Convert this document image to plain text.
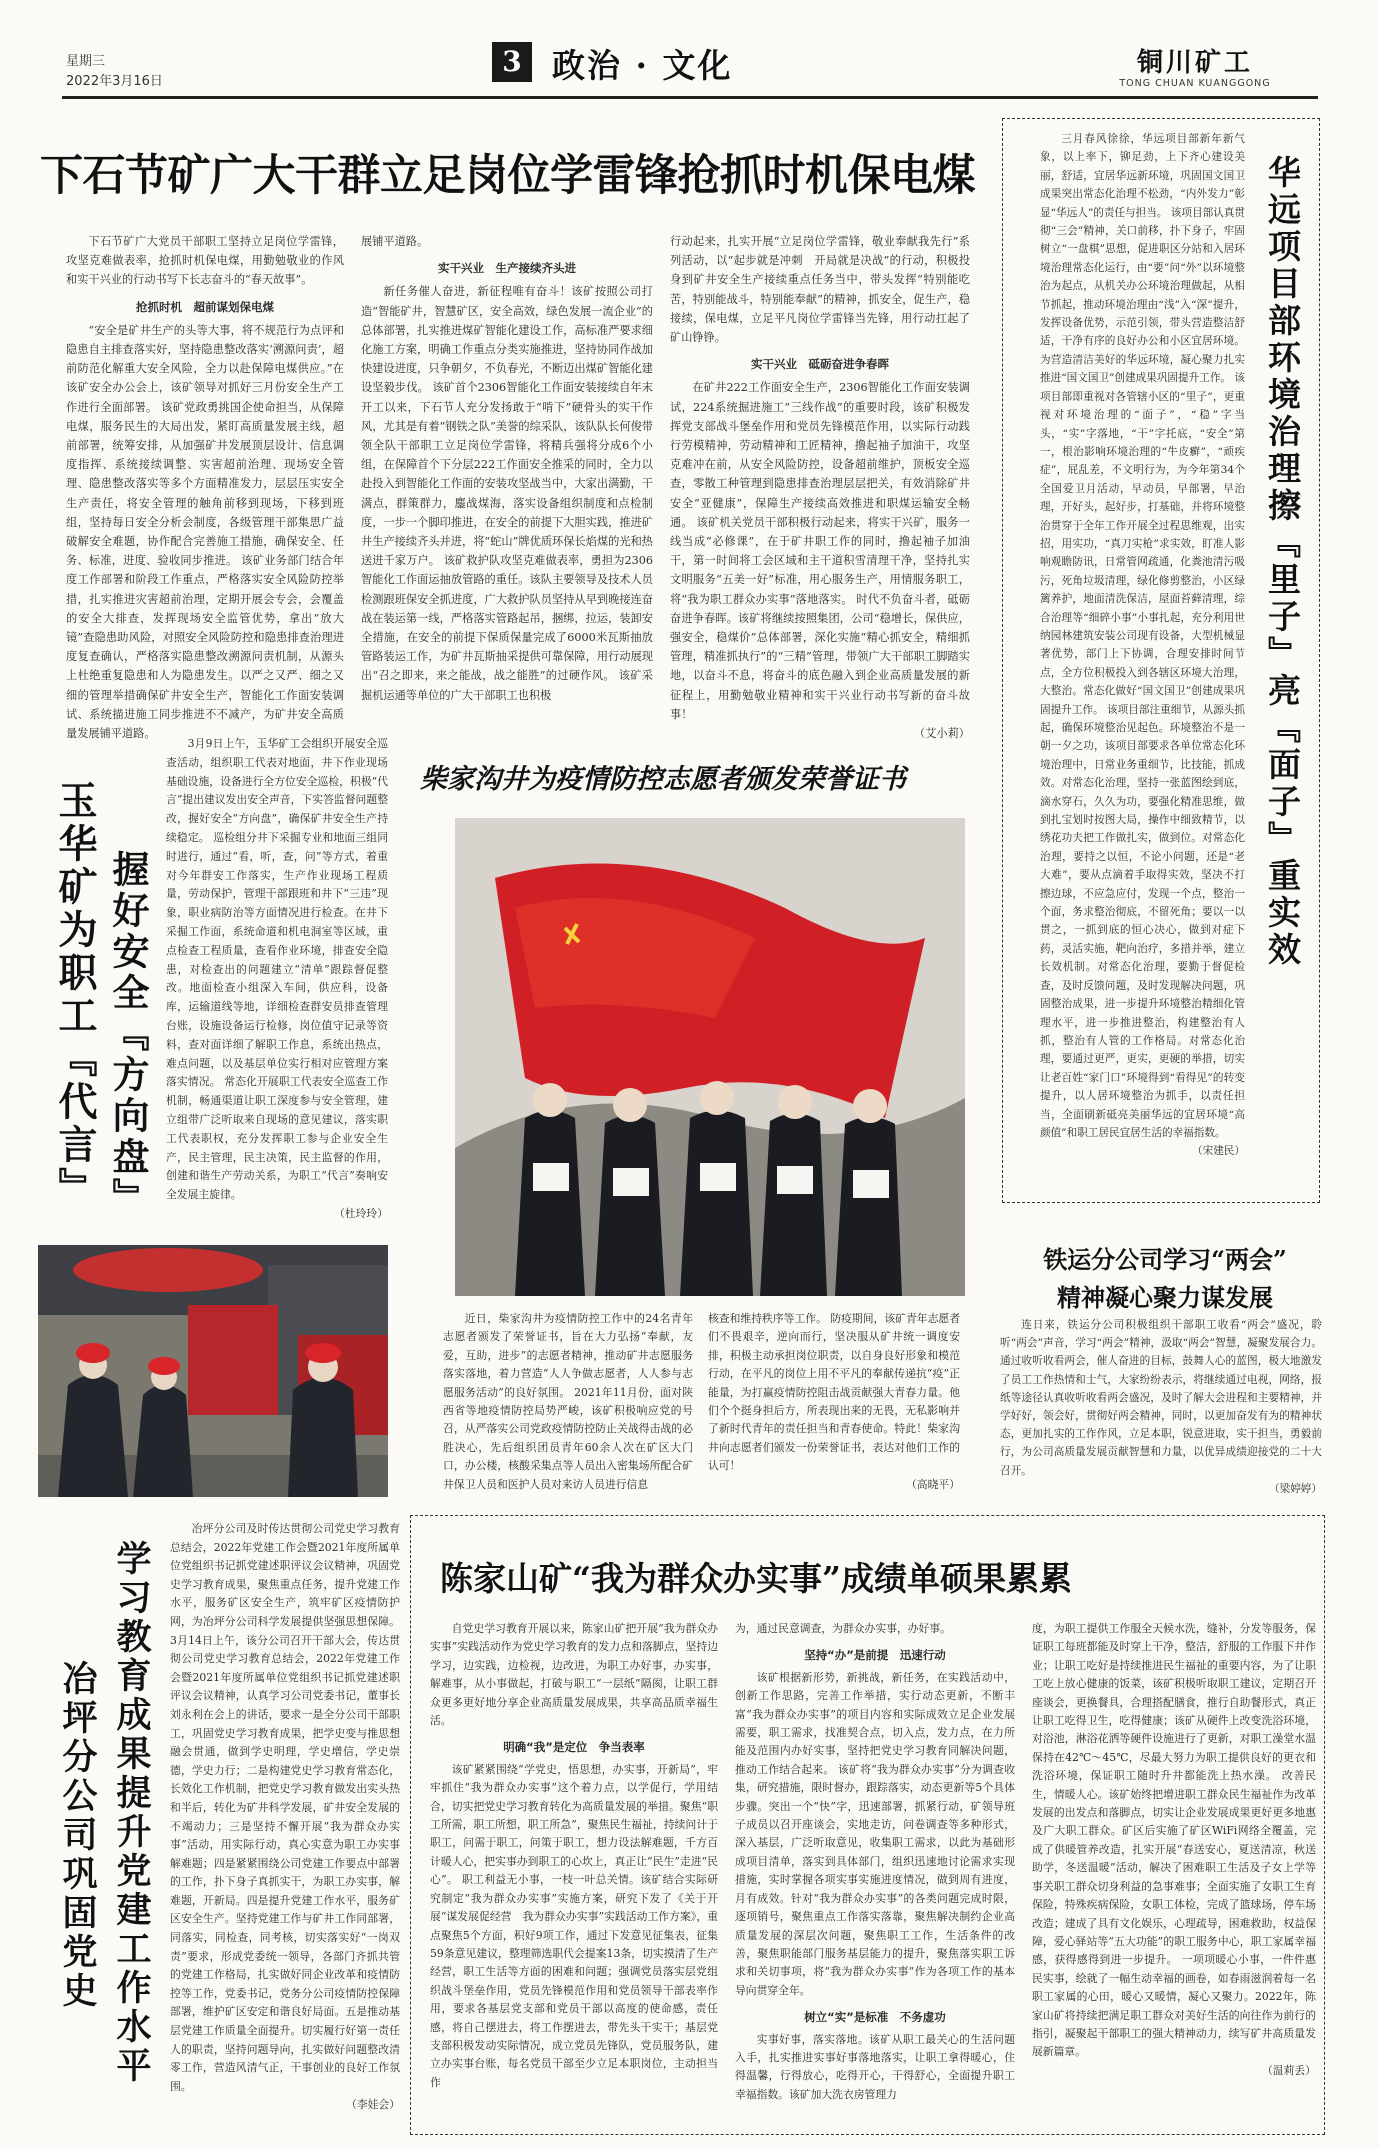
星期三
2022年3月16日
3 政治 · 文化	铜川矿工
TONG CHUAN KUANGGONG
下石节矿广大干群立足岗位学雷锋抢抓时机保电煤

下石节矿广大党员干部职工坚持立足岗位学雷锋，攻坚克难做表率，抢抓时机保电煤，用勤勉敬业的作风和实干兴业的行动书写下长志奋斗的“春天故事”。

抢抓时机　超前谋划保电煤

“安全是矿井生产的头等大事，将不规范行为点评和隐患自主排查落实好，坚持隐患整改落实‘溯源问责’，超前防范化解重大安全风险，全力以赴保障电煤供应。”在该矿安全办公会上，该矿领导对抓好三月份安全生产工作进行全面部署。 该矿党政勇挑国企使命担当，从保障电煤，服务民生的大局出发，紧盯高质量发展主线，超前部署，统筹安排，从加强矿井发展顶层设计、信息调度指挥、系统接续调整、实害超前治理、现场安全管理、隐患整改落实等多个方面精准发力，层层压实安全生产责任，将安全管理的触角前移到现场，下移到班组，坚持每日安全分析会制度，各级管理干部集思广益破解安全难题，协作配合完善施工措施，确保安全、任务、标准，进度、验收同步推进。 该矿业务部门结合年度工作部署和阶段工作重点，严格落实安全风险防控举措，扎实推进灾害超前治理，定期开展会专会，会覆盖的安全大排查，发挥现场安全监管优势，拿出“放大镜”查隐患助风险，对照安全风险防控和隐患排查治理进度复查确认，严格落实隐患整改溯源问责机制，从源头上杜绝重复隐患和人为隐患发生。以严之又严、细之又细的管理举措确保矿井安全生产，智能化工作面安装调试、系统描进施工同步推进不不减产，为矿井安全高质量发展铺平道路。

展铺平道路。

实干兴业　生产接续齐头进

新任务催人奋进，新征程唯有奋斗！该矿按照公司打造“智能矿井，智慧矿区，安全高效，绿色发展一流企业”的总体部署，扎实推进煤矿智能化建设工作，高标准严要求细化施工方案，明确工作重点分类实施推进，坚持协同作战加快建设进度，只争朝夕，不负春光，不断迈出煤矿智能化建设坚毅步伐。 该矿首个2306智能化工作面安装接续自年末开工以来，下石节人充分发扬敢于“啃下”硬骨头的实干作风，尤其是有着“钢铁之队”美誉的综采队，该队队长何俊带领全队干部职工立足岗位学雷锋，将精兵强将分成6个小组，在保障首个下分层222工作面安全推采的同时，全力以赴投入到智能化工作面的安装攻坚战当中，大家出满勤，干满点，群策群力，鏖战煤海，落实设备组织制度和点检制度，一步一个脚印推进，在安全的前提下大胆实践，推进矿井生产接续齐头并进，将“蛇山”牌优质环保长焰煤的光和热送进千家万户。 该矿救护队攻坚克难做表率，勇担为2306智能化工作面运抽放管路的重任。该队主要领导及技术人员检测跟班保安全抓进度，广大救护队员坚持从早到晚接连奋战在装运第一线，严格落实管路起吊，捆绑，拉运，装卸安全措施，在安全的前提下保质保量完成了6000米瓦斯抽放管路装运工作，为矿井瓦斯抽采提供可靠保障，用行动展现出“召之即来，来之能战，战之能胜”的过硬作风。 该矿采掘机运通等单位的广大干部职工也积极

行动起来，扎实开展“立足岗位学雷锋，敬业奉献我先行”系列活动，以“起步就是冲刺　开局就是决战”的行动，积极投身到矿井安全生产接续重点任务当中，带头发挥“特别能吃苦，特别能战斗，特别能奉献”的精神，抓安全，促生产，稳接续，保电煤，立足平凡岗位学雷锋当先锋，用行动扛起了矿山铮铮。

实干兴业　砥砺奋进争春晖

在矿井222工作面安全生产，2306智能化工作面安装调试，224系统掘进施工“三线作战”的重要时段，该矿积极发挥党支部战斗堡垒作用和党员先锋模范作用，以实际行动践行劳模精神，劳动精神和工匠精神，撸起袖子加油干，攻坚克难冲在前，从安全风险防控，设备超前维护，顶板安全巡查，零散工种管理到隐患排查治理层层把关，有效消除矿井安全“亚健康”，保障生产接续高效推进和职煤运输安全畅通。 该矿机关党员干部积极行动起来，将实干兴矿，服务一线当成“必修课”，在于矿井职工作的同时，撸起袖子加油干，第一时间将工会区域和主干道积雪清理干净，坚持扎实文明服务“五美一好”标准，用心服务生产，用情服务职工，将“我为职工群众办实事”落地落实。 时代不负奋斗者，砥砺奋进争春晖。该矿将继续按照集团，公司“稳增长，保供应，强安全，稳煤价”总体部署，深化实施“精心抓安全，精细抓管理，精准抓执行”的“三精”管理，带领广大干部职工脚踏实地，以奋斗不息，将奋斗的底色融入到企业高质量发展的新征程上，用勤勉敬业精神和实干兴业行动书写新的奋斗故事！

（艾小莉）	华远项目部环境治理擦『里子』亮『面子』重实效

三月春风徐徐，华远项目部新年新气象，以上率下，铆足劲，上下齐心建设美丽，舒适，宜居华远新环境，巩固国文国卫成果突出常态化治理不松劲，“内外发力”彰显“华远人”的责任与担当。 该项目部认真贯彻“三会”精神，关口前移，扑下身子，牢固树立“一盘棋”思想，促进职区分站和入居环境治理常态化运行，由“要”问“外”以环境整治为起点，从机关办公环境治理做起，从相节抓起，推动环境治理由“浅”入“深”提升，发挥设备优势，示范引领，带头营造整洁舒适，干净有序的良好办公和小区宜居环境。为营造清洁美好的华远环境，凝心聚力扎实推进“国文国卫”创建成果巩固提升工作。 该项目部即重视对各管辖小区的“里子”，更重视对环境治理的“面子”，“稳”字当头，“实”字落地，“干”字托底，“安全”第一，根治影响环境治理的“牛皮癣”，“顽疾症”，屁乱差，不文明行为，为今年第34个全国爱卫月活动，早动员，早部署，早治理，开好头，起好步，打基础，并将环境整治贯穿于全年工作开展全过程思维观，出实招，用实功，“真刀实枪”求实效，盯准人影响观瞻防讯，日常管网疏通，化粪池清污吸污，死角垃圾清理，绿化修剪整治，小区绿篱养护，地面清洗保洁，屋面苔藓清理，综合治理等“细碎小事”小事扎起，充分利用世纳园林建筑安装公司现有设备，大型机械显著优势，部门上下协调，合理安排时间节点，全方位积极投入到各辖区环境大治理，大整治。常态化做好“国文国卫”创建成果巩固提升工作。 该项目部注重细节，从源头抓起，确保环境整治见起色。环境整治不是一朝一夕之功，该项目部要求各单位常态化环境治理中，日常业务重细节，比技能，抓成效。对常态化治理，坚持一张蓝图绘到底，滴水穿石，久久为功，要强化精准思维，做到扎宝划时按图大局，操作中细致精节，以绣花功夫把工作做扎实，做到位。对常态化治理，要持之以恒，不论小问题，还是“老大难”，要从点滴着手取得实效，坚决不打擦边球，不应急应付，发现一个点，整治一个面，务求整治彻底，不留死角；要以一以贯之，一抓到底的恒心决心，做到对症下药，灵活实施，靶向治疗，多措并举，建立长效机制。对常态化治理，要勤于督促检查，及时反馈问题，及时发现解决问题，巩固整治成果，进一步提升环境整治精细化管理水平，进一步推进整治，构建整治有人抓，整治有人管的工作格局。对常态化治理，要通过更严，更实，更硬的举措，切实让老百姓“家门口”环境得到“看得见”的转变提升，以人居环境整治为抓手，以责任担当，全面刷新砥亮美丽华远的宜居环境“高颜值”和职工居民宜居生活的幸福指数。

（宋建民）
玉华矿为职工『代言』 握好安全『方向盘』

3月9日上午，玉华矿工会组织开展安全巡查活动，组织职工代表对地面，井下作业现场基础设施，设备进行全方位安全巡检，积极“代言”提出建议发出安全声音，下实答监督问题整改，握好安全“方向盘”，确保矿井安全生产持续稳定。 巡检组分井下采掘专业和地面三组同时进行，通过“看，听，查，问”等方式，着重对今年群安工作落实，生产作业现场工程质量，劳动保护，管理干部跟班和井下“三违”现象，职业病防治等方面情况进行检查。在井下采掘工作面，系统命道和机电洞室等区域，重点检查工程质量，查看作业环境，排查安全隐患，对检查出的问题建立“清单”跟踪督促整改。地面检查小组深入车间，供应科，设备库，运输道线等地，详细检查群安员排查管理台账，设施设备运行检修，岗位值守记录等资料，查对面详细了解职工作息，系统出热点，难点问题，以及基层单位实行相对应管理方案落实情况。 常态化开展职工代表安全巡查工作机制，畅通渠道让职工深度参与安全管理，建立组带广泛听取来自现场的意见建议，落实职工代表职权，充分发挥职工参与企业安全生产，民主管理，民主决策，民主监督的作用，创建和谐生产劳动关系，为职工“代言”奏响安全发展主旋律。

（杜玲玲）
柴家沟井为疫情防控志愿者颁发荣誉证书

近日，柴家沟井为疫情防控工作中的24名青年志愿者颁发了荣誉证书，旨在大力弘扬“奉献，友爱，互助，进步”的志愿者精神，推动矿井志愿服务落实落地，着力营造“人人争做志愿者，人人参与志愿服务活动”的良好氛围。 2021年11月份，面对陕西省等地疫情防控局势严峻，该矿积极响应党的号召，从严落实公司党政疫情防控防止关战得击战的必胜决心，先后组织团员青年60余人次在矿区大门口，办公楼，核酸采集点等人员出入密集场所配合矿井保卫人员和医护人员对来访人员进行信息

核查和维持秩序等工作。 防疫期间，该矿青年志愿者们不畏艰辛，逆向而行，坚决服从矿井统一调度安排，积极主动承担岗位职责，以自身良好形象和模范行动，在平凡的岗位上用不平凡的奉献传递抗“疫”正能量，为打赢疫情防控阻击战贡献强大青春力量。他们个个挺身担后方，所表现出来的无畏，无私影响并了新时代青年的责任担当和青春使命。特此！柴家沟井向志愿者们颁发一份荣誉证书，表达对他们工作的认可！

（高晓平）
铁运分公司学习“两会”
精神凝心聚力谋发展

连日来，铁运分公司积极组织干部职工收看“两会”盛况，聆听“两会”声音，学习“两会”精神，汲取“两会”智慧，凝聚发展合力。 通过收听收看两会，催人奋进的目标，鼓舞人心的蓝图，极大地激发了员工工作热情和士气，大家纷纷表示，将继续通过电视，网络，报纸等途径认真收听收看两会盛况，及时了解大会进程和主要精神，并学好好，领会好，贯彻好两会精神，同时，以更加奋发有为的精神状态，更加扎实的工作作风，立足本职，锐意进取，实干担当，勇毅前行，为公司高质量发展贡献智慧和力量，以优异成绩迎接党的二十大召开。

（梁婷婷）
学习教育成果提升党建工作水平
冶坪分公司巩固党史

冶坪分公司及时传达贯彻公司党史学习教育总结会，2022年党建工作会暨2021年度所属单位党组织书记抓党建述职评议会议精神，巩固党史学习教育成果，聚焦重点任务，提升党建工作水平，服务矿区安全生产，筑牢矿区疫情防护网，为冶坪分公司科学发展提供坚强思想保障。 3月14日上午，该分公司召开干部大会，传达贯彻公司党史学习教育总结会，2022年党建工作会暨2021年度所属单位党组织书记抓党建述职评议会议精神，认真学习公司党委书记，董事长刘永利在会上的讲话，要求一是全分公司干部职工，巩固党史学习教育成果，把学史变与推思想融会贯通，做到学史明理，学史增信，学史崇德，学史力行；二是构建党史学习教育常态化，长效化工作机制，把党史学习教育做发出实头热和半后，转化为矿井科学发展，矿井安全发展的不竭动力；三是坚持不懈开展“我为群众办实事”活动，用实际行动，真心实意为职工办实事解难题；四是紧紧围绕公司党建工作要点中部署的工作，扑下身子真抓实干，为职工办实事，解难题，开新局。四是提升党建工作水平，服务矿区安全生产。坚持党建工作与矿井工作同部署，同落实，同检查，同考核，切实落实好“一岗双责”要求，形成党委统一领导，各部门齐抓共管的党建工作格局，扎实做好同企业改革和疫情防控等工作，党委书记，党务分公司疫情防控保障部署，维护矿区安定和谐良好局面。五是推动基层党建工作质量全面提升。切实履行好第一责任人的职责，坚持问题导向，扎实做好问题整改清零工作，营造风清气正，干事创业的良好工作氛围。

（李娃会）
陈家山矿“我为群众办实事”成绩单硕果累累

自党史学习教育开展以来，陈家山矿把开展“我为群众办实事”实践活动作为党史学习教育的发力点和落脚点，坚持边学习，边实践，边检视，边改进，为职工办好事，办实事，解难事，从小事做起，打破与职工“一层纸”隔阂，让职工群众更多更好地分享企业高质量发展成果，共享高品质幸福生活。

明确“我”是定位　争当表率

该矿紧紧围绕“学党史，悟思想，办实事，开新局”，牢牢抓住“我为群众办实事”这个着力点，以学促行，学用结合，切实把党史学习教育转化为高质量发展的举措。聚焦“职工所需，职工所想，职工所急”，聚焦民生福祉，持续问计于职工，问需于职工，问策于职工，想力设法解难题，千方百计暖人心，把实事办到职工的心坎上，真正让“民生”走进“民心”。 职工利益无小事，一枝一叶总关情。该矿结合实际研究制定“我为群众办实事”实施方案，研究下发了《关于开展“谋发展促经营　我为群众办实事”实践活动工作方案》，重点聚焦5个方面，积好9项工作，通过下发意见征集表，征集59条意见建议，整理筛选职代会提案13条，切实摸清了生产经营，职工生活等方面的困难和问题；强调党员落实层党组织战斗堡垒作用，党员先锋模范作用和党员领导干部表率作用，要求各基层党支部和党员干部以高度的使命感，责任感，将自己摆进去，将工作摆进去，带先头干实干；基层党支部积极发动实际情况，成立党员先锋队，党员服务队，建立办实事台账，每名党员干部至少立足本职岗位，主动担当作

为，通过民意调查，为群众办实事，办好事。

坚持“办”是前提　迅速行动

该矿根据新形势，新挑战，新任务，在实践活动中，创新工作思路，完善工作举措，实行动态更新，不断丰富“我为群众办实事”的项目内容和实际成效立足企业发展需要，职工需求，找准契合点，切入点，发力点，在力所能及范围内办好实事，坚持把党史学习教育同解决问题，推动工作结合起来。 该矿将“我为群众办实事”分为调查收集，研究措施，限时督办，跟踪落实，动态更新等5个具体步骤。突出一个“快”字，迅速部署，抓紧行动，矿领导班子成员以召开座谈会，实地走访，问卷调查等多种形式，深入基层，广泛听取意见，收集职工需求，以此为基础形成项目清单，落实到具体部门，组织迅速地讨论需求实现措施，实时掌握各项实事实施进度情况，做到周有进度，月有成效。针对“我为群众办实事”的各类问题完成时限，逐项销号，聚焦重点工作落实落靠，聚焦解决制约企业高质量发展的深层次问题，聚焦职工工作，生活条件的改善，聚焦职能部门服务基层能力的提升，聚焦落实职工诉求和关切事项，将“我为群众办实事”作为各项工作的基本导向贯穿全年。

树立“实”是标准　不务虚功

实事好事，落实落地。该矿从职工最关心的生活问题入手，扎实推进实事好事落地落实，让职工拿得暖心，住得温馨，行得放心，吃得开心，干得舒心，全面提升职工幸福指数。该矿加大洗衣房管理力

度，为职工提供工作服全天候水洗，缝补，分发等服务，保证职工每班都能及时穿上干净，整洁，舒服的工作服下井作业；让职工吃好是持续推进民生福祉的重要内容，为了让职工吃上放心健康的饭菜，该矿积极听取职工建议，定期召开座谈会，更换餐具，合理搭配膳食，推行自助餐形式，真正让职工吃得卫生，吃得健康；该矿从硬件上改变洗浴环境，对浴池，淋浴花洒等硬件设施进行了更新，对职工澡堂水温保持在42℃～45℃，尽最大努力为职工提供良好的更衣和洗浴环境，保证职工随时升井都能洗上热水澡。 改善民生，情暖人心。该矿始终把增进职工群众民生福祉作为改革发展的出发点和落脚点，切实让企业发展成果更好更多地惠及广大职工群众。矿区后实施了矿区WiFi网络全覆盖，完成了供暖管养改造，扎实开展“春送安心，夏送清凉，秋送助学，冬送温暖”活动，解决了困难职工生活及子女上学等事关职工群众切身利益的急事难事；全面实施了女职工生育保险，特殊疾病保险，女职工体检，完成了篮球场，停车场改造；建成了具有文化娱乐，心理疏导，困难救助，权益保障，爱心驿站等“五大功能”的职工服务中心，职工家属幸福感，获得感得到进一步提升。 一项项暖心小事，一件件惠民实事，绘就了一幅生动幸福的画卷，如春雨滋润着每一名职工家属的心田，暖心又暖情，凝心又聚力。2022年，陈家山矿将持续把满足职工群众对美好生活的向往作为前行的指引，凝聚起干部职工的强大精神动力，续写矿井高质量发展新篇章。

（温莉丢）
